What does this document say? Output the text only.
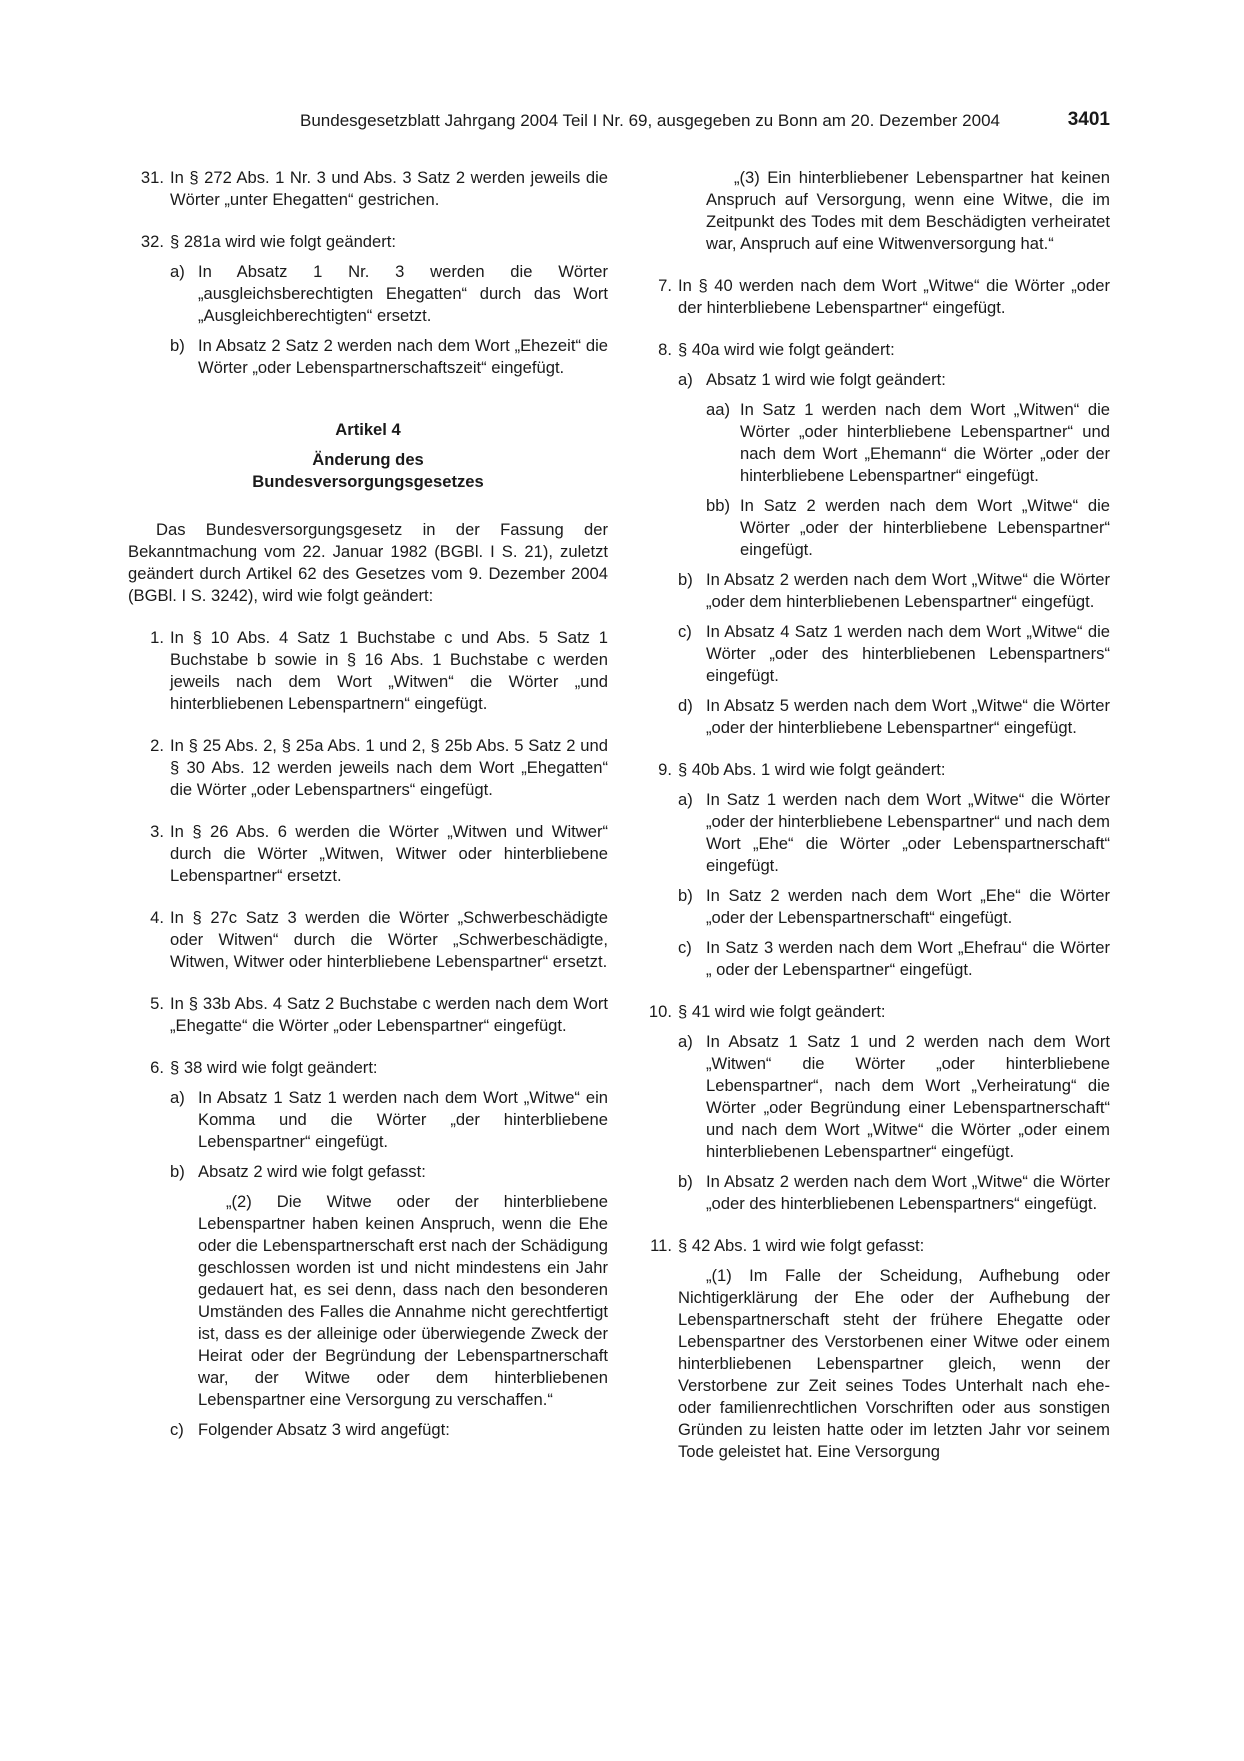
Bundesgesetzblatt Jahrgang 2004 Teil I Nr. 69, ausgegeben zu Bonn am 20. Dezember 2004	3401
31. In § 272 Abs. 1 Nr. 3 und Abs. 3 Satz 2 werden jeweils die Wörter „unter Ehegatten“ gestrichen.
32. § 281a wird wie folgt geändert:
a) In Absatz 1 Nr. 3 werden die Wörter „ausgleichsberechtigten Ehegatten“ durch das Wort „Ausgleichberechtigten“ ersetzt.
b) In Absatz 2 Satz 2 werden nach dem Wort „Ehezeit“ die Wörter „oder Lebenspartnerschaftszeit“ eingefügt.
Artikel 4
Änderung des
Bundesversorgungsgesetzes
Das Bundesversorgungsgesetz in der Fassung der Bekanntmachung vom 22. Januar 1982 (BGBl. I S. 21), zuletzt geändert durch Artikel 62 des Gesetzes vom 9. Dezember 2004 (BGBl. I S. 3242), wird wie folgt geändert:
1. In § 10 Abs. 4 Satz 1 Buchstabe c und Abs. 5 Satz 1 Buchstabe b sowie in § 16 Abs. 1 Buchstabe c werden jeweils nach dem Wort „Witwen“ die Wörter „und hinterbliebenen Lebenspartnern“ eingefügt.
2. In § 25 Abs. 2, § 25a Abs. 1 und 2, § 25b Abs. 5 Satz 2 und § 30 Abs. 12 werden jeweils nach dem Wort „Ehegatten“ die Wörter „oder Lebenspartners“ eingefügt.
3. In § 26 Abs. 6 werden die Wörter „Witwen und Witwer“ durch die Wörter „Witwen, Witwer oder hinterbliebene Lebenspartner“ ersetzt.
4. In § 27c Satz 3 werden die Wörter „Schwerbeschädigte oder Witwen“ durch die Wörter „Schwerbeschädigte, Witwen, Witwer oder hinterbliebene Lebenspartner“ ersetzt.
5. In § 33b Abs. 4 Satz 2 Buchstabe c werden nach dem Wort „Ehegatte“ die Wörter „oder Lebenspartner“ eingefügt.
6. § 38 wird wie folgt geändert:
a) In Absatz 1 Satz 1 werden nach dem Wort „Witwe“ ein Komma und die Wörter „der hinterbliebene Lebenspartner“ eingefügt.
b) Absatz 2 wird wie folgt gefasst:
„(2) Die Witwe oder der hinterbliebene Lebenspartner haben keinen Anspruch, wenn die Ehe oder die Lebenspartnerschaft erst nach der Schädigung geschlossen worden ist und nicht mindestens ein Jahr gedauert hat, es sei denn, dass nach den besonderen Umständen des Falles die Annahme nicht gerechtfertigt ist, dass es der alleinige oder überwiegende Zweck der Heirat oder der Begründung der Lebenspartnerschaft war, der Witwe oder dem hinterbliebenen Lebenspartner eine Versorgung zu verschaffen.“
c) Folgender Absatz 3 wird angefügt:
„(3) Ein hinterbliebener Lebenspartner hat keinen Anspruch auf Versorgung, wenn eine Witwe, die im Zeitpunkt des Todes mit dem Beschädigten verheiratet war, Anspruch auf eine Witwenversorgung hat.“
7. In § 40 werden nach dem Wort „Witwe“ die Wörter „oder der hinterbliebene Lebenspartner“ eingefügt.
8. § 40a wird wie folgt geändert:
a) Absatz 1 wird wie folgt geändert:
aa) In Satz 1 werden nach dem Wort „Witwen“ die Wörter „oder hinterbliebene Lebenspartner“ und nach dem Wort „Ehemann“ die Wörter „oder der hinterbliebene Lebenspartner“ eingefügt.
bb) In Satz 2 werden nach dem Wort „Witwe“ die Wörter „oder der hinterbliebene Lebenspartner“ eingefügt.
b) In Absatz 2 werden nach dem Wort „Witwe“ die Wörter „oder dem hinterbliebenen Lebenspartner“ eingefügt.
c) In Absatz 4 Satz 1 werden nach dem Wort „Witwe“ die Wörter „oder des hinterbliebenen Lebenspartners“ eingefügt.
d) In Absatz 5 werden nach dem Wort „Witwe“ die Wörter „oder der hinterbliebene Lebenspartner“ eingefügt.
9. § 40b Abs. 1 wird wie folgt geändert:
a) In Satz 1 werden nach dem Wort „Witwe“ die Wörter „oder der hinterbliebene Lebenspartner“ und nach dem Wort „Ehe“ die Wörter „oder Lebenspartnerschaft“ eingefügt.
b) In Satz 2 werden nach dem Wort „Ehe“ die Wörter „oder der Lebenspartnerschaft“ eingefügt.
c) In Satz 3 werden nach dem Wort „Ehefrau“ die Wörter „ oder der Lebenspartner“ eingefügt.
10. § 41 wird wie folgt geändert:
a) In Absatz 1 Satz 1 und 2 werden nach dem Wort „Witwen“ die Wörter „oder hinterbliebene Lebenspartner“, nach dem Wort „Verheiratung“ die Wörter „oder Begründung einer Lebenspartnerschaft“ und nach dem Wort „Witwe“ die Wörter „oder einem hinterbliebenen Lebenspartner“ eingefügt.
b) In Absatz 2 werden nach dem Wort „Witwe“ die Wörter „oder des hinterbliebenen Lebenspartners“ eingefügt.
11. § 42 Abs. 1 wird wie folgt gefasst:
„(1) Im Falle der Scheidung, Aufhebung oder Nichtigerklärung der Ehe oder der Aufhebung der Lebenspartnerschaft steht der frühere Ehegatte oder Lebenspartner des Verstorbenen einer Witwe oder einem hinterbliebenen Lebenspartner gleich, wenn der Verstorbene zur Zeit seines Todes Unterhalt nach ehe- oder familienrechtlichen Vorschriften oder aus sonstigen Gründen zu leisten hatte oder im letzten Jahr vor seinem Tode geleistet hat. Eine Versorgung
